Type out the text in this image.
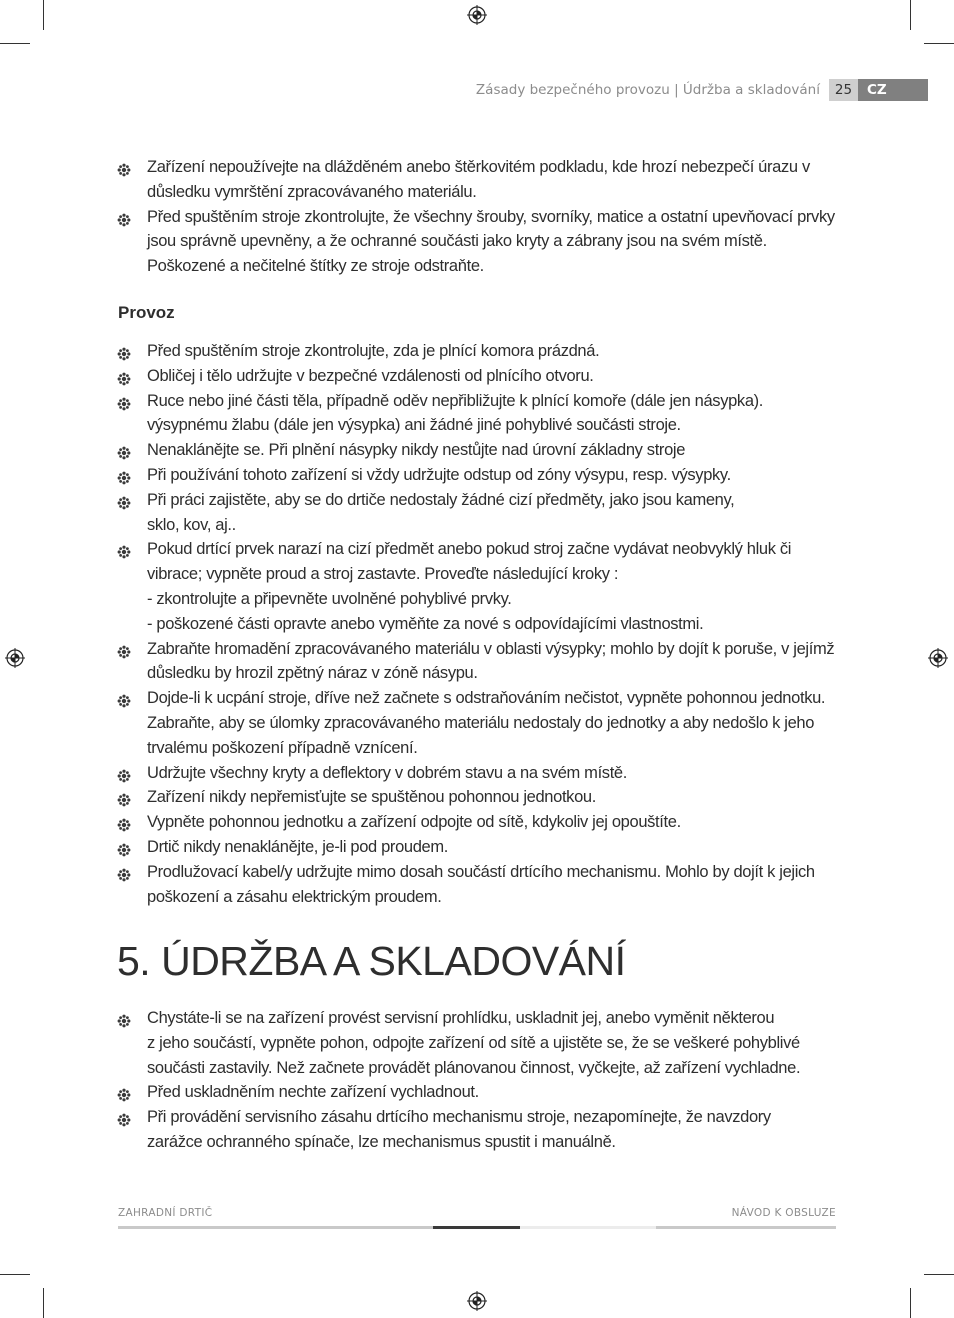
Zásady bezpečného provozu | Údržba a skladování	25	CZ
Zařízení nepoužívejte na dlážděném anebo štěrkovitém podkladu, kde hrozí nebezpečí úrazu v důsledku vymrštění zpracovávaného materiálu.
Před spuštěním stroje zkontrolujte, že všechny šrouby, svorníky, matice a ostatní upevňovací prvky jsou správně upevněny, a že ochranné součásti jako kryty a zábrany jsou na svém místě. Poškozené a nečitelné štítky ze stroje odstraňte.
Provoz
Před spuštěním stroje zkontrolujte, zda je plnící komora prázdná.
Obličej i tělo udržujte v bezpečné vzdálenosti od plnícího otvoru.
Ruce nebo jiné části těla, případně oděv nepřibližujte k plnící komoře (dále jen násypka).
výsypnému žlabu (dále jen výsypka) ani žádné jiné pohyblivé součásti stroje.
Nenaklánějte se. Při plnění násypky nikdy nestůjte nad úrovní základny stroje
Při používání tohoto zařízení si vždy udržujte odstup od zóny výsypu, resp. výsypky.
Při práci zajistěte, aby se do drtiče nedostaly žádné cizí předměty, jako jsou kameny,
sklo, kov, aj..
Pokud drtící prvek narazí na cizí předmět anebo pokud stroj začne vydávat neobvyklý hluk či vibrace; vypněte proud a stroj zastavte. Proveďte následující kroky :
- zkontrolujte a připevněte uvolněné pohyblivé prvky.
- poškozené části opravte anebo vyměňte za nové s odpovídajícími vlastnostmi.
Zabraňte hromadění zpracovávaného materiálu v oblasti výsypky; mohlo by dojít k poruše, v jejímž důsledku by hrozil zpětný náraz v zóně násypu.
Dojde-li k ucpání stroje, dříve než začnete s odstraňováním nečistot, vypněte pohonnou jednotku. Zabraňte, aby se úlomky zpracovávaného materiálu nedostaly do jednotky a aby nedošlo k jeho trvalému poškození případně vznícení.
Udržujte všechny kryty a deflektory v dobrém stavu a na svém místě.
Zařízení nikdy nepřemisťujte se spuštěnou pohonnou jednotkou.
Vypněte pohonnou jednotku a zařízení odpojte od sítě, kdykoliv jej opouštíte.
Drtič nikdy nenaklánějte, je-li pod proudem.
Prodlužovací kabel/y udržujte mimo dosah součástí drtícího mechanismu. Mohlo by dojít k jejich poškození a zásahu elektrickým proudem.
5. ÚDRŽBA A SKLADOVÁNÍ
Chystáte-li se na zařízení provést servisní prohlídku, uskladnit jej, anebo vyměnit některou
z jeho součástí, vypněte pohon, odpojte zařízení od sítě a ujistěte se, že se veškeré pohyblivé
součásti zastavily. Než začnete provádět plánovanou činnost, vyčkejte, až zařízení vychladne.
Před uskladněním nechte zařízení vychladnout.
Při provádění servisního zásahu drtícího mechanismu stroje, nezapomínejte, že navzdory
zarážce ochranného spínače, lze mechanismus spustit i manuálně.
ZAHRADNÍ DRTIČ	NÁVOD K OBSLUZE
